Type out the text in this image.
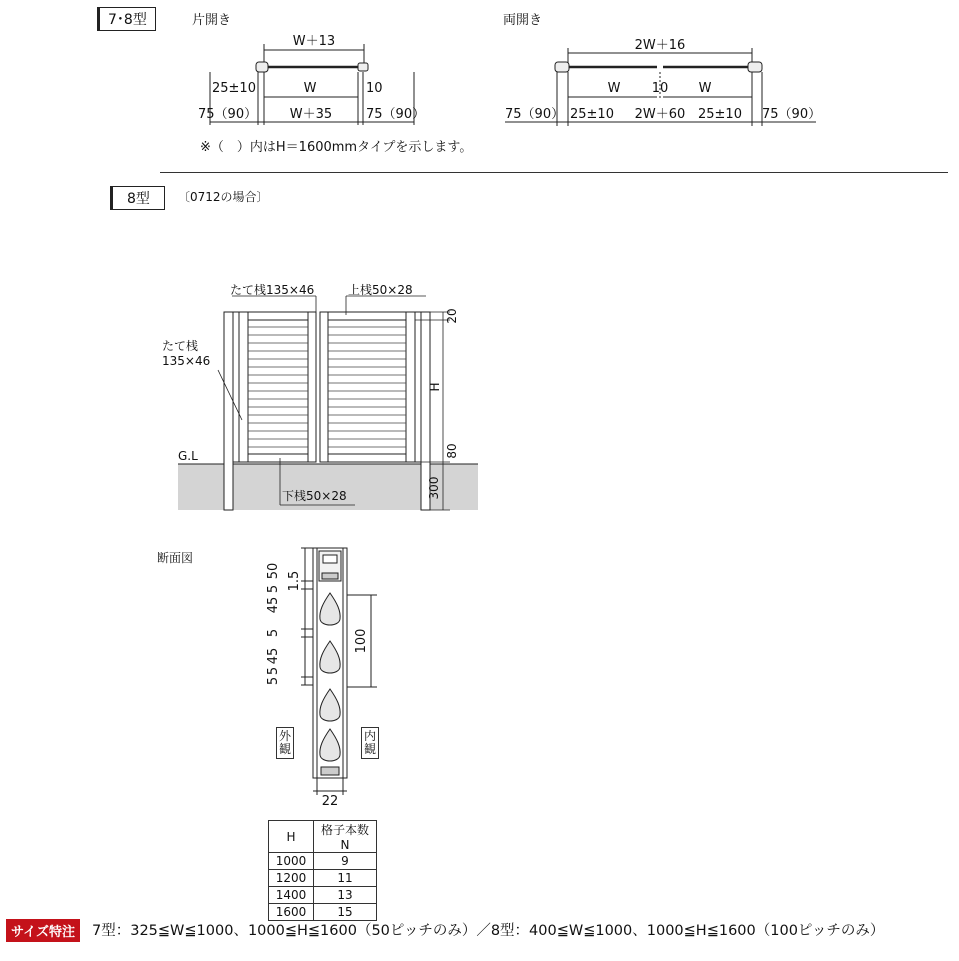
7･8型	片開き	両開き
W＋13
25±10	W	10
75（90）	W＋35	75（90）
2W＋16
W 10 W
75（90） 25±10 2W＋60 25±10 75（90）
※（　）内はH＝1600mmタイプを示します。
8型	〔0712の場合〕
たて桟135×46	上桟50×28
たて桟
135×46
G.L
下桟50×28
20
H
80
300
断面図
50 1.5
45
5
5
5
45
5
100
22
外観
内観
H	格子本数 N
1000	9
1200	11
1400	13
1600	15
サイズ特注	7型：325≦W≦1000、1000≦H≦1600（50ピッチのみ）／8型：400≦W≦1000、1000≦H≦1600（100ピッチのみ）
